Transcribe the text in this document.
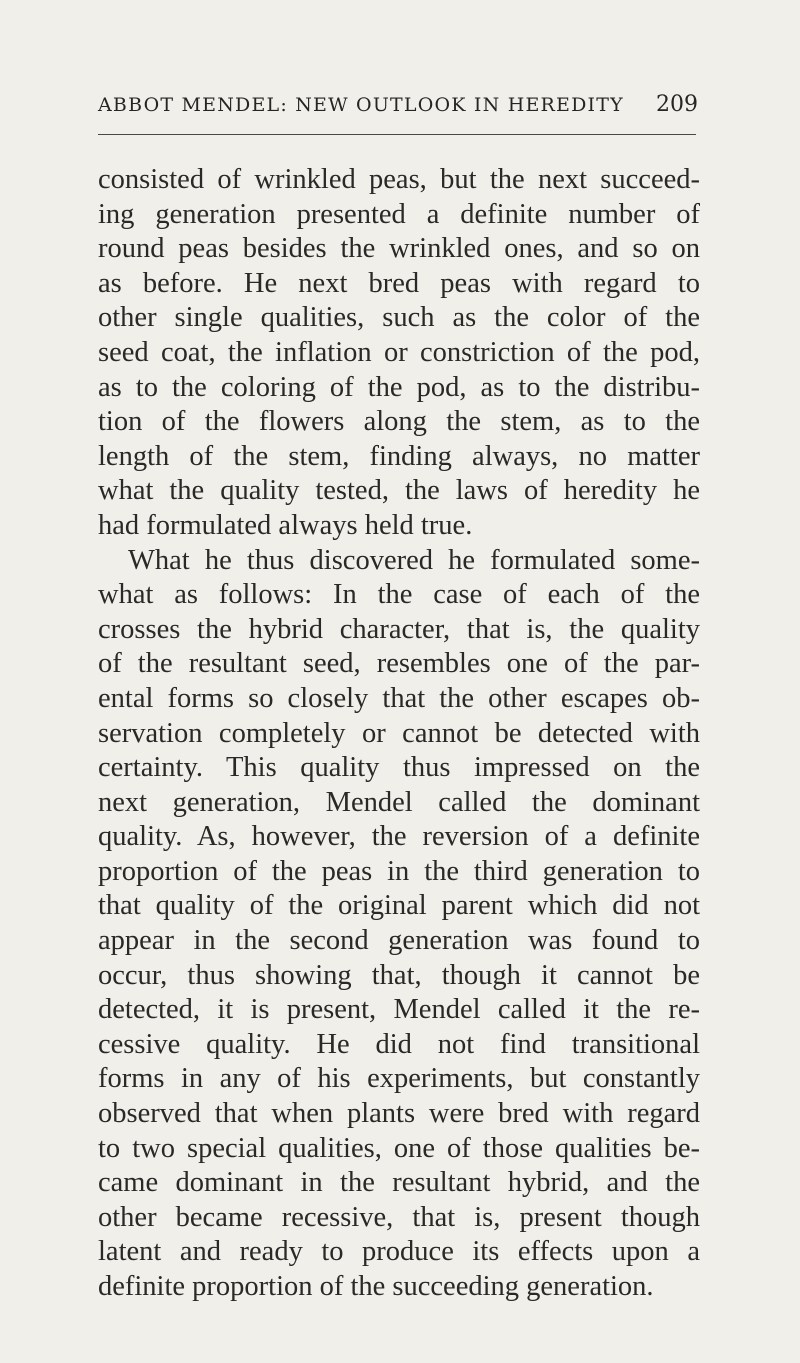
ABBOT MENDEL: NEW OUTLOOK IN HEREDITY 209
consisted of wrinkled peas, but the next succeed-
ing generation presented a definite number of
round peas besides the wrinkled ones, and so on
as before. He next bred peas with regard to
other single qualities, such as the color of the
seed coat, the inflation or constriction of the pod,
as to the coloring of the pod, as to the distribu-
tion of the flowers along the stem, as to the
length of the stem, finding always, no matter
what the quality tested, the laws of heredity he
had formulated always held true.
What he thus discovered he formulated some-
what as follows: In the case of each of the
crosses the hybrid character, that is, the quality
of the resultant seed, resembles one of the par-
ental forms so closely that the other escapes ob-
servation completely or cannot be detected with
certainty. This quality thus impressed on the
next generation, Mendel called the dominant
quality. As, however, the reversion of a definite
proportion of the peas in the third generation to
that quality of the original parent which did not
appear in the second generation was found to
occur, thus showing that, though it cannot be
detected, it is present, Mendel called it the re-
cessive quality. He did not find transitional
forms in any of his experiments, but constantly
observed that when plants were bred with regard
to two special qualities, one of those qualities be-
came dominant in the resultant hybrid, and the
other became recessive, that is, present though
latent and ready to produce its effects upon a
definite proportion of the succeeding generation.
